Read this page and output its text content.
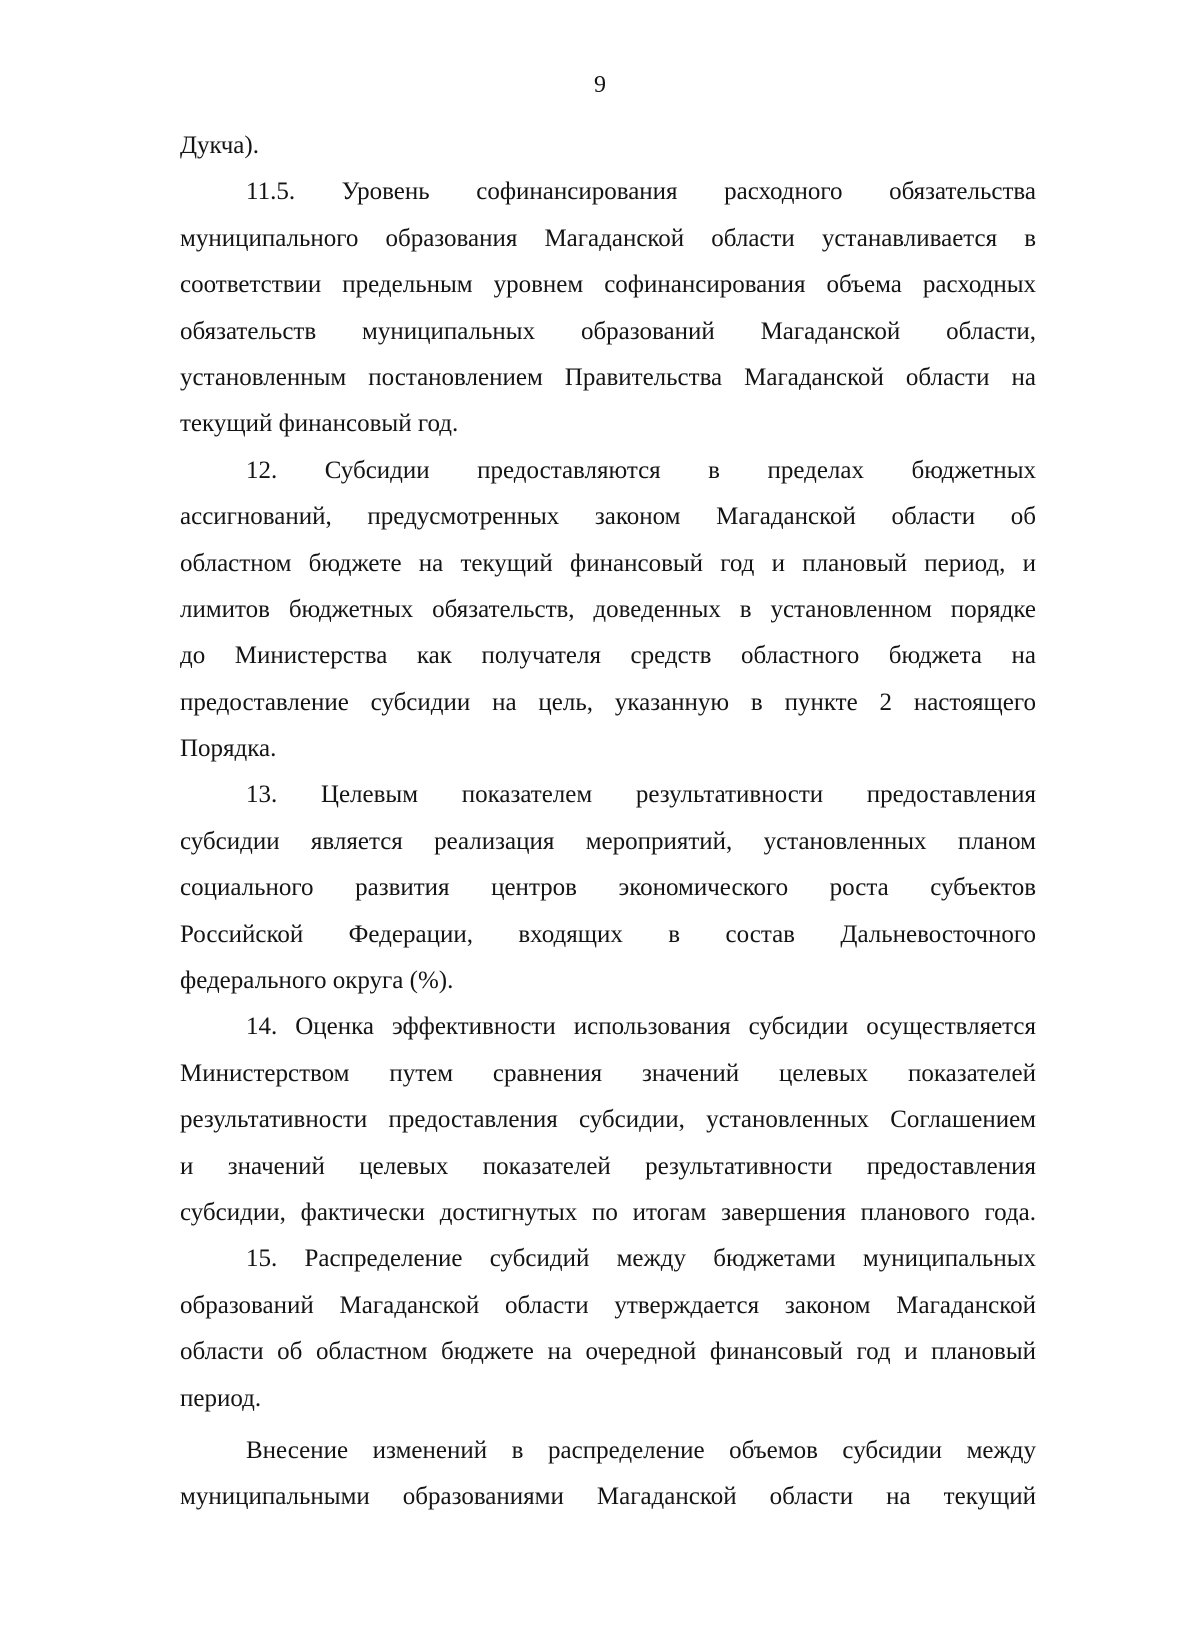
9
Дукча).
11.5. Уровень софинансирования расходного обязательства
муниципального образования Магаданской области устанавливается в
соответствии предельным уровнем софинансирования объема расходных
обязательств муниципальных образований Магаданской области,
установленным постановлением Правительства Магаданской области на
текущий финансовый год.
12. Субсидии предоставляются в пределах бюджетных
ассигнований, предусмотренных законом Магаданской области об
областном бюджете на текущий финансовый год и плановый период, и
лимитов бюджетных обязательств, доведенных в установленном порядке
до Министерства как получателя средств областного бюджета на
предоставление субсидии на цель, указанную в пункте 2 настоящего
Порядка.
13. Целевым показателем результативности предоставления
субсидии является реализация мероприятий, установленных планом
социального развития центров экономического роста субъектов
Российской Федерации, входящих в состав Дальневосточного
федерального округа (%).
14. Оценка эффективности использования субсидии осуществляется
Министерством путем сравнения значений целевых показателей
результативности предоставления субсидии, установленных Соглашением
и значений целевых показателей результативности предоставления
субсидии, фактически достигнутых по итогам завершения планового года.
15. Распределение субсидий между бюджетами муниципальных
образований Магаданской области утверждается законом Магаданской
области об областном бюджете на очередной финансовый год и плановый
период.
Внесение изменений в распределение объемов субсидии между
муниципальными образованиями Магаданской области на текущий
